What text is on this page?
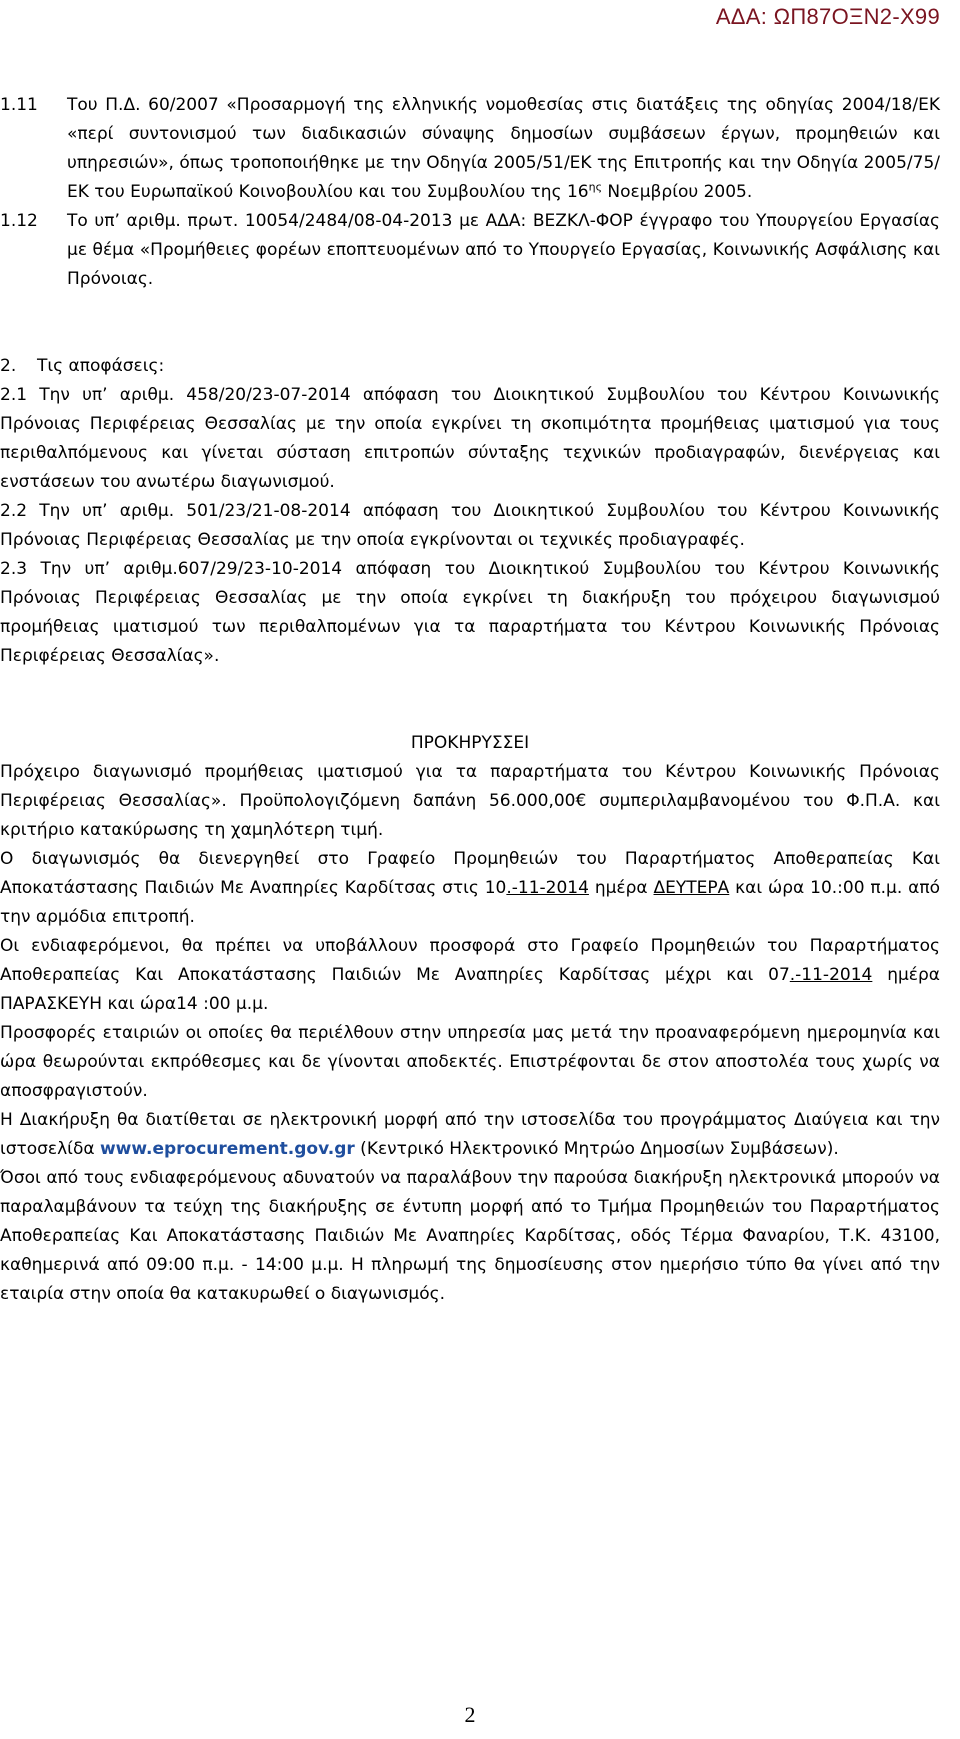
ΑΔΑ: ΩΠ87ΟΞΝ2-Χ99
1.11	Του Π.Δ. 60/2007 «Προσαρμογή της ελληνικής νομοθεσίας στις διατάξεις της οδηγίας 2004/18/ΕΚ «περί συντονισμού των διαδικασιών σύναψης δημοσίων συμβάσεων έργων, προμηθειών και υπηρεσιών», όπως τροποποιήθηκε με την Οδηγία 2005/51/ΕΚ της Επιτροπής και την Οδηγία 2005/75/ΕΚ του Ευρωπαϊκού Κοινοβουλίου και του Συμβουλίου της $16^{\eta\varsigma}$ Νοεμβρίου 2005.
1.12	Το υπ’ αριθμ. πρωτ. 10054/2484/08-04-2013 με ΑΔΑ: ΒΕΖΚΛ-ΦΟΡ έγγραφο του Υπουργείου Εργασίας με θέμα «Προμήθειες φορέων εποπτευομένων από το Υπουργείο Εργασίας, Κοινωνικής Ασφάλισης και Πρόνοιας.
2.	Τις αποφάσεις:

2.1 Την υπ’ αριθμ. 458/20/23-07-2014 απόφαση του Διοικητικού Συμβουλίου του Κέντρου Κοινωνικής Πρόνοιας Περιφέρειας Θεσσαλίας με την οποία εγκρίνει τη σκοπιμότητα προμήθειας ιματισμού για τους περιθαλπόμενους και γίνεται σύσταση επιτροπών σύνταξης τεχνικών προδιαγραφών, διενέργειας και ενστάσεων του ανωτέρω διαγωνισμού.

2.2 Την υπ’ αριθμ. 501/23/21-08-2014 απόφαση του Διοικητικού Συμβουλίου του Κέντρου Κοινωνικής Πρόνοιας Περιφέρειας Θεσσαλίας με την οποία εγκρίνονται οι τεχνικές προδιαγραφές.

2.3 Την υπ’ αριθμ.607/29/23-10-2014 απόφαση του Διοικητικού Συμβουλίου του Κέντρου Κοινωνικής Πρόνοιας Περιφέρειας Θεσσαλίας με την οποία εγκρίνει τη διακήρυξη του πρόχειρου διαγωνισμού προμήθειας ιματισμού των περιθαλπομένων για τα παραρτήματα του Κέντρου Κοινωνικής Πρόνοιας Περιφέρειας Θεσσαλίας».

ΠΡΟΚΗΡΥΣΣΕΙ

Πρόχειρο διαγωνισμό προμήθειας ιματισμού για τα παραρτήματα του Κέντρου Κοινωνικής Πρόνοιας Περιφέρειας Θεσσαλίας». Προϋπολογιζόμενη δαπάνη 56.000,00€ συμπεριλαμβανομένου του Φ.Π.Α. και κριτήριο κατακύρωσης τη χαμηλότερη τιμή.

Ο διαγωνισμός θα διενεργηθεί στο Γραφείο Προμηθειών του Παραρτήματος Αποθεραπείας Και Αποκατάστασης Παιδιών Με Αναπηρίες Καρδίτσας στις 10.-11-2014 ημέρα ΔΕΥΤΕΡΑ και ώρα 10.:00 π.μ. από την αρμόδια επιτροπή.

Οι ενδιαφερόμενοι, θα πρέπει να υποβάλλουν προσφορά στο Γραφείο Προμηθειών του Παραρτήματος Αποθεραπείας Και Αποκατάστασης Παιδιών Με Αναπηρίες Καρδίτσας μέχρι και 07.-11-2014 ημέρα ΠΑΡΑΣΚΕΥΗ και ώρα14 :00 μ.μ.

Προσφορές εταιριών οι οποίες θα περιέλθουν στην υπηρεσία μας μετά την προαναφερόμενη ημερομηνία και ώρα θεωρούνται εκπρόθεσμες και δε γίνονται αποδεκτές. Επιστρέφονται δε στον αποστολέα τους χωρίς να αποσφραγιστούν.

Η Διακήρυξη θα διατίθεται σε ηλεκτρονική μορφή από την ιστοσελίδα του προγράμματος Διαύγεια και την ιστοσελίδα www.eprocurement.gov.gr (Κεντρικό Ηλεκτρονικό Μητρώο Δημοσίων Συμβάσεων).

Όσοι από τους ενδιαφερόμενους αδυνατούν να παραλάβουν την παρούσα διακήρυξη ηλεκτρονικά μπορούν να παραλαμβάνουν τα τεύχη της διακήρυξης σε έντυπη μορφή από το Τμήμα Προμηθειών του Παραρτήματος Αποθεραπείας Και Αποκατάστασης Παιδιών Με Αναπηρίες Καρδίτσας, οδός Τέρμα Φαναρίου, Τ.Κ. 43100, καθημερινά από 09:00 π.μ. - 14:00 μ.μ. Η πληρωμή της δημοσίευσης στον ημερήσιο τύπο θα γίνει από την εταιρία στην οποία θα κατακυρωθεί ο διαγωνισμός.

2
